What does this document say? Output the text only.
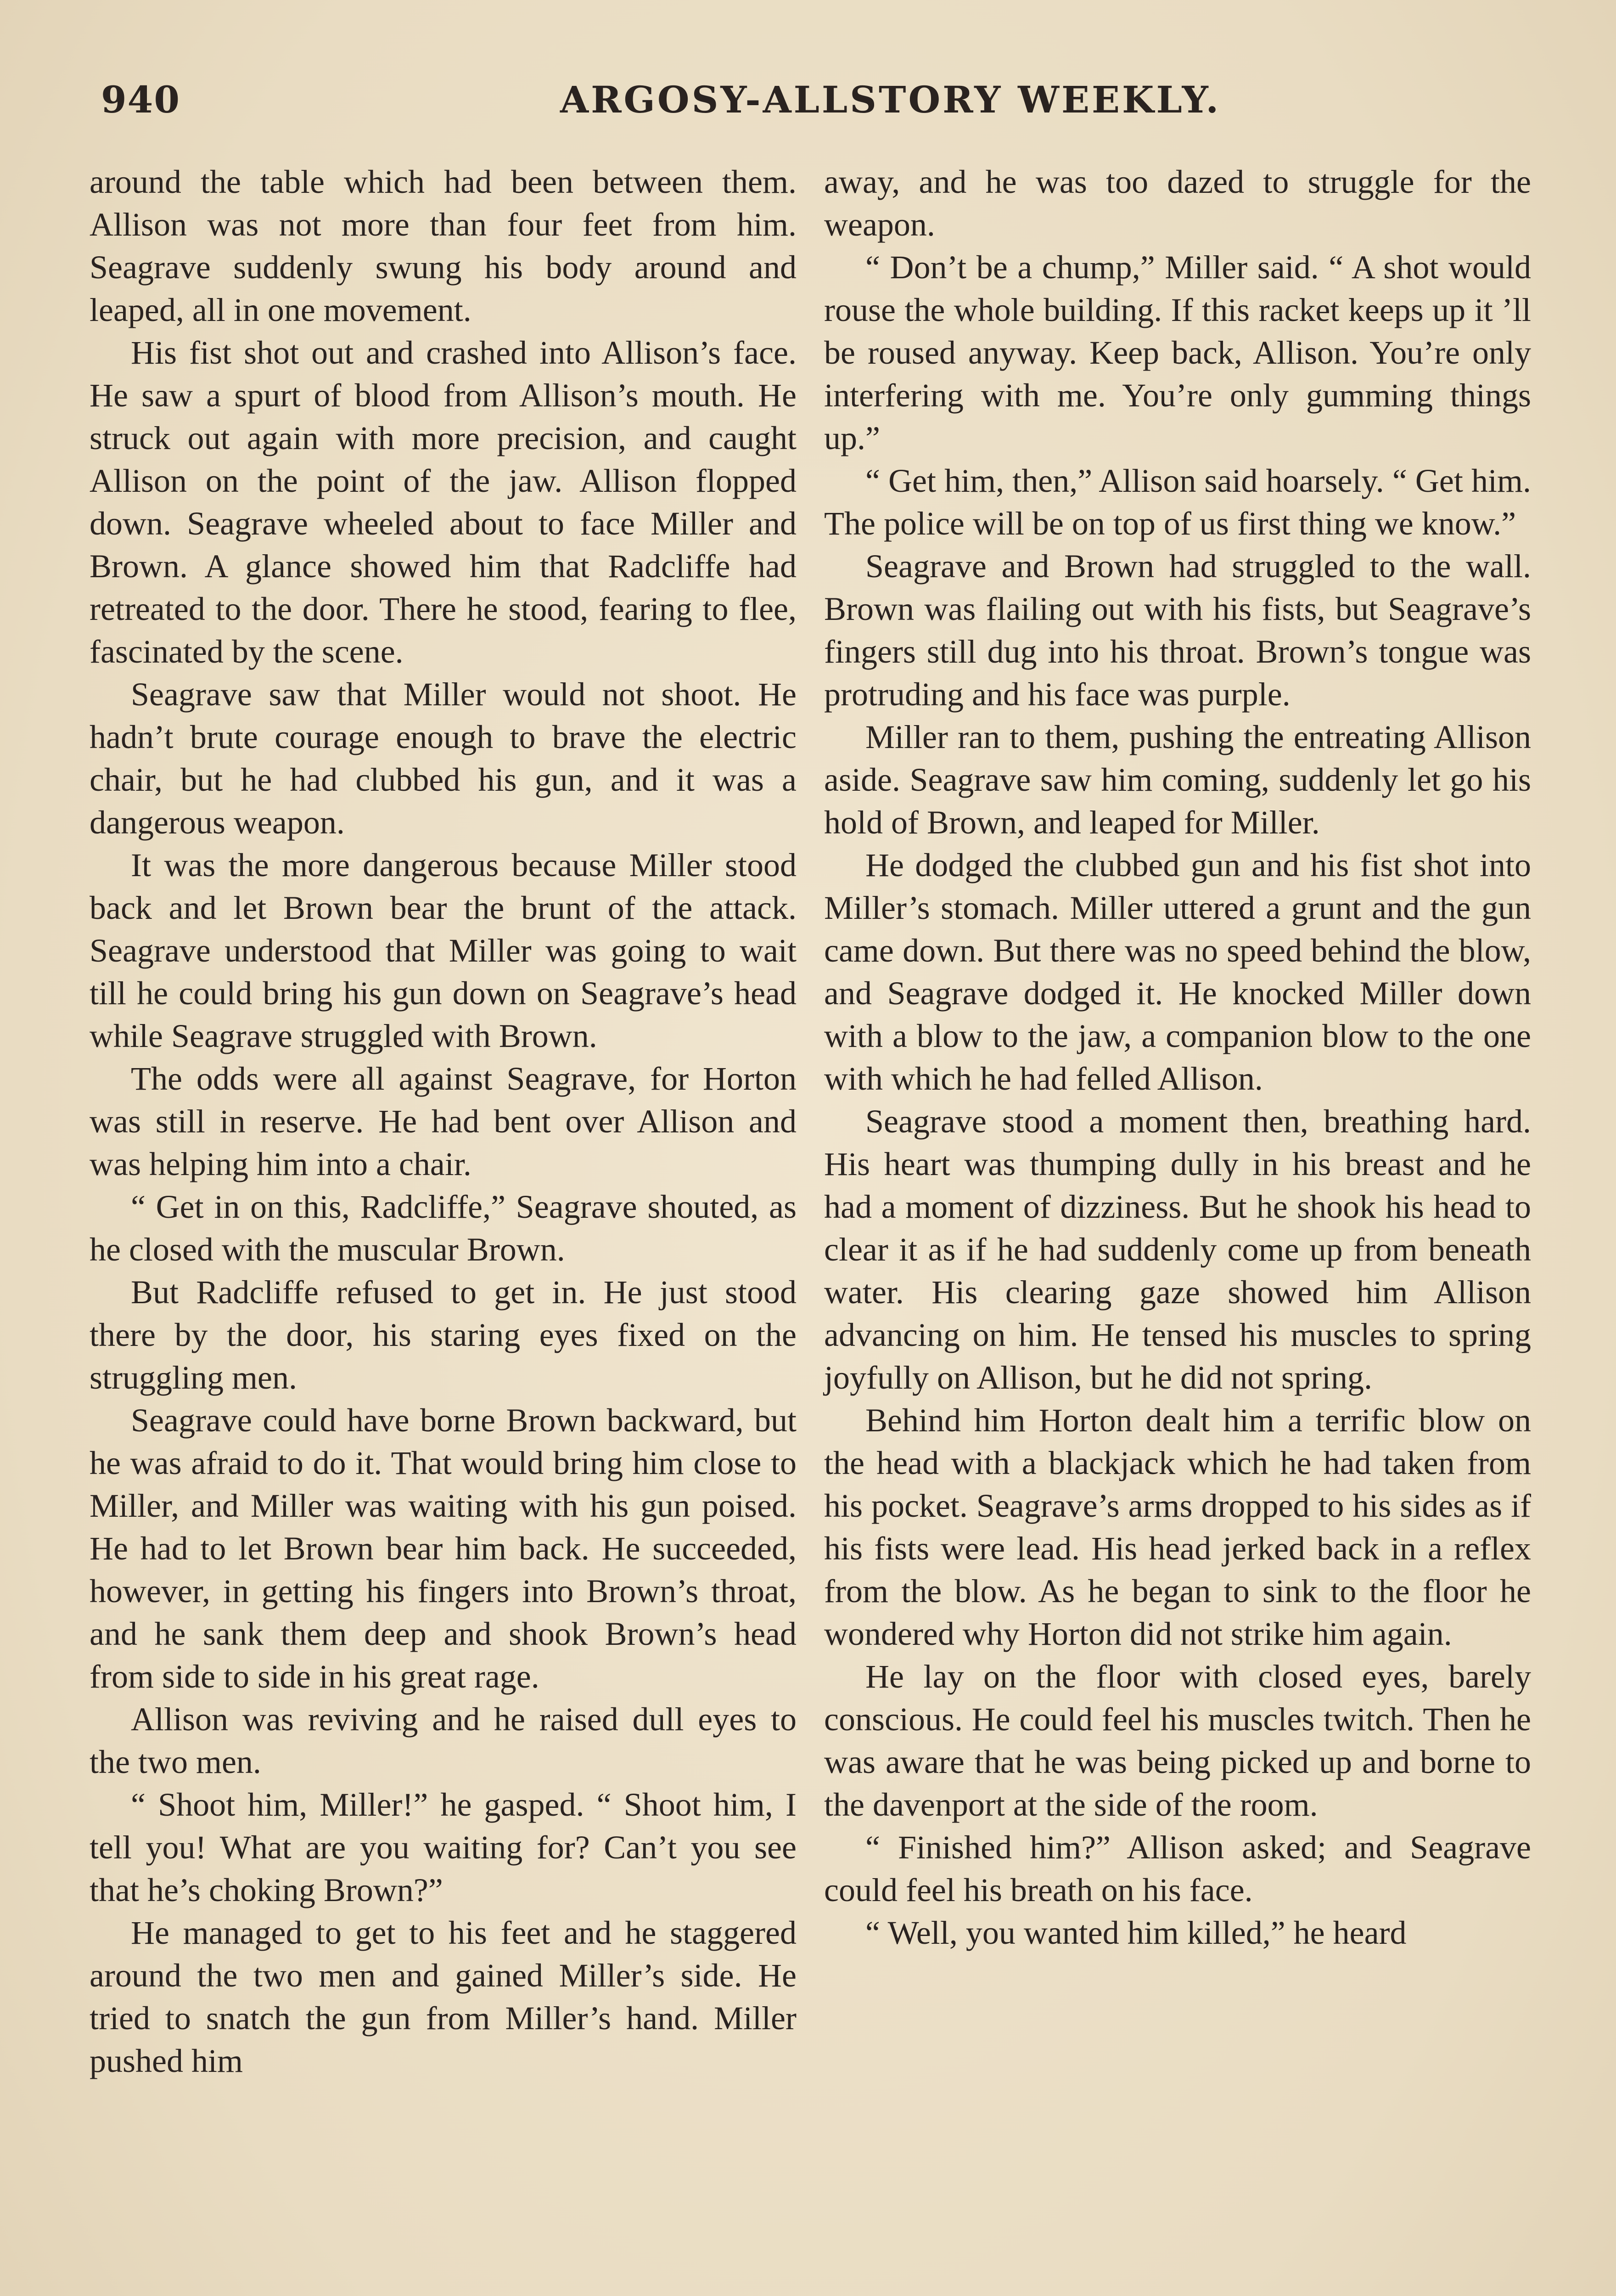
940	ARGOSY-ALLSTORY WEEKLY.

around the table which had been between them. Allison was not more than four feet from him. Seagrave suddenly swung his body around and leaped, all in one movement.

His fist shot out and crashed into Allison’s face. He saw a spurt of blood from Allison’s mouth. He struck out again with more precision, and caught Allison on the point of the jaw. Allison flopped down. Seagrave wheeled about to face Miller and Brown. A glance showed him that Radcliffe had retreated to the door. There he stood, fearing to flee, fascinated by the scene.

Seagrave saw that Miller would not shoot. He hadn’t brute courage enough to brave the electric chair, but he had clubbed his gun, and it was a dangerous weapon.

It was the more dangerous because Miller stood back and let Brown bear the brunt of the attack. Seagrave understood that Miller was going to wait till he could bring his gun down on Seagrave’s head while Seagrave struggled with Brown.

The odds were all against Seagrave, for Horton was still in reserve. He had bent over Allison and was helping him into a chair.

“ Get in on this, Radcliffe,” Seagrave shouted, as he closed with the muscular Brown.

But Radcliffe refused to get in. He just stood there by the door, his staring eyes fixed on the struggling men.

Seagrave could have borne Brown backward, but he was afraid to do it. That would bring him close to Miller, and Miller was waiting with his gun poised. He had to let Brown bear him back. He succeeded, however, in getting his fingers into Brown’s throat, and he sank them deep and shook Brown’s head from side to side in his great rage.

Allison was reviving and he raised dull eyes to the two men.

“ Shoot him, Miller!” he gasped. “ Shoot him, I tell you! What are you waiting for? Can’t you see that he’s choking Brown?”

He managed to get to his feet and he staggered around the two men and gained Miller’s side. He tried to snatch the gun from Miller’s hand. Miller pushed him

away, and he was too dazed to struggle for the weapon.

“ Don’t be a chump,” Miller said. “ A shot would rouse the whole building. If this racket keeps up it ’ll be roused anyway. Keep back, Allison. You’re only interfering with me. You’re only gumming things up.”

“ Get him, then,” Allison said hoarsely. “ Get him. The police will be on top of us first thing we know.”

Seagrave and Brown had struggled to the wall. Brown was flailing out with his fists, but Seagrave’s fingers still dug into his throat. Brown’s tongue was protruding and his face was purple.

Miller ran to them, pushing the entreating Allison aside. Seagrave saw him coming, suddenly let go his hold of Brown, and leaped for Miller.

He dodged the clubbed gun and his fist shot into Miller’s stomach. Miller uttered a grunt and the gun came down. But there was no speed behind the blow, and Seagrave dodged it. He knocked Miller down with a blow to the jaw, a companion blow to the one with which he had felled Allison.

Seagrave stood a moment then, breathing hard. His heart was thumping dully in his breast and he had a moment of dizziness. But he shook his head to clear it as if he had suddenly come up from beneath water. His clearing gaze showed him Allison advancing on him. He tensed his muscles to spring joyfully on Allison, but he did not spring.

Behind him Horton dealt him a terrific blow on the head with a blackjack which he had taken from his pocket. Seagrave’s arms dropped to his sides as if his fists were lead. His head jerked back in a reflex from the blow. As he began to sink to the floor he wondered why Horton did not strike him again.

He lay on the floor with closed eyes, barely conscious. He could feel his muscles twitch. Then he was aware that he was being picked up and borne to the davenport at the side of the room.

“ Finished him?” Allison asked; and Seagrave could feel his breath on his face.

“ Well, you wanted him killed,” he heard
